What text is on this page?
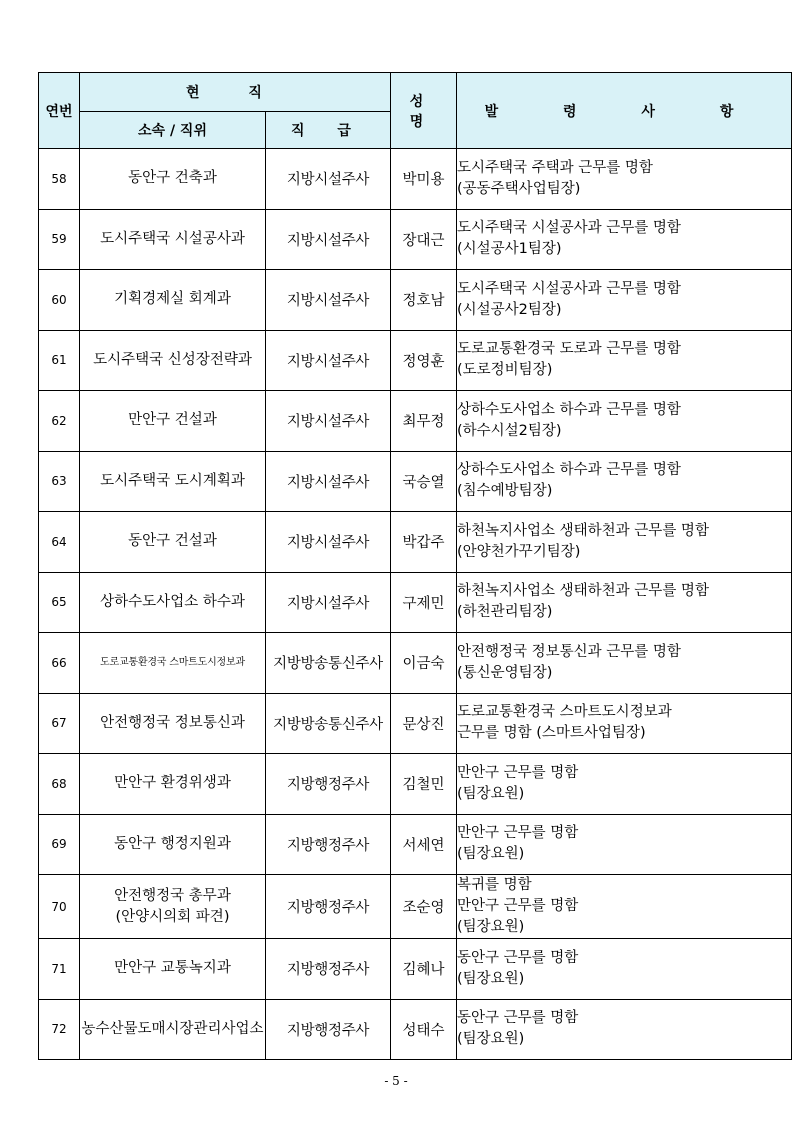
연번	현 직		성 명	발 령 사 항
	소속 / 직위	직 급		
58	동안구 건축과	지방시설주사	박미용	도시주택국 주택과 근무를 명함
(공동주택사업팀장)

59	도시주택국 시설공사과	지방시설주사	장대근	도시주택국 시설공사과 근무를 명함
(시설공사1팀장)

60	기획경제실 회계과	지방시설주사	정호남	도시주택국 시설공사과 근무를 명함
(시설공사2팀장)

61	도시주택국 신성장전략과	지방시설주사	정영훈	도로교통환경국 도로과 근무를 명함
(도로정비팀장)

62	만안구 건설과	지방시설주사	최무정	상하수도사업소 하수과 근무를 명함
(하수시설2팀장)

63	도시주택국 도시계획과	지방시설주사	국승열	상하수도사업소 하수과 근무를 명함
(침수예방팀장)

64	동안구 건설과	지방시설주사	박갑주	하천녹지사업소 생태하천과 근무를 명함
(안양천가꾸기팀장)

65	상하수도사업소 하수과	지방시설주사	구제민	하천녹지사업소 생태하천과 근무를 명함
(하천관리팀장)

66	도로교통환경국 스마트도시정보과	지방방송통신주사	이금숙	안전행정국 정보통신과 근무를 명함
(통신운영팀장)

67	안전행정국 정보통신과	지방방송통신주사	문상진	도로교통환경국 스마트도시정보과
근무를 명함 (스마트사업팀장)

68	만안구 환경위생과	지방행정주사	김철민	만안구 근무를 명함
(팀장요원)

69	동안구 행정지원과	지방행정주사	서세연	만안구 근무를 명함
(팀장요원)

70	안전행정국 총무과
(안양시의회 파견)	지방행정주사	조순영	복귀를 명함
만안구 근무를 명함
(팀장요원)

71	만안구 교통녹지과	지방행정주사	김혜나	동안구 근무를 명함
(팀장요원)

72	농수산물도매시장관리사업소	지방행정주사	성태수	동안구 근무를 명함
(팀장요원)
- 5 -
